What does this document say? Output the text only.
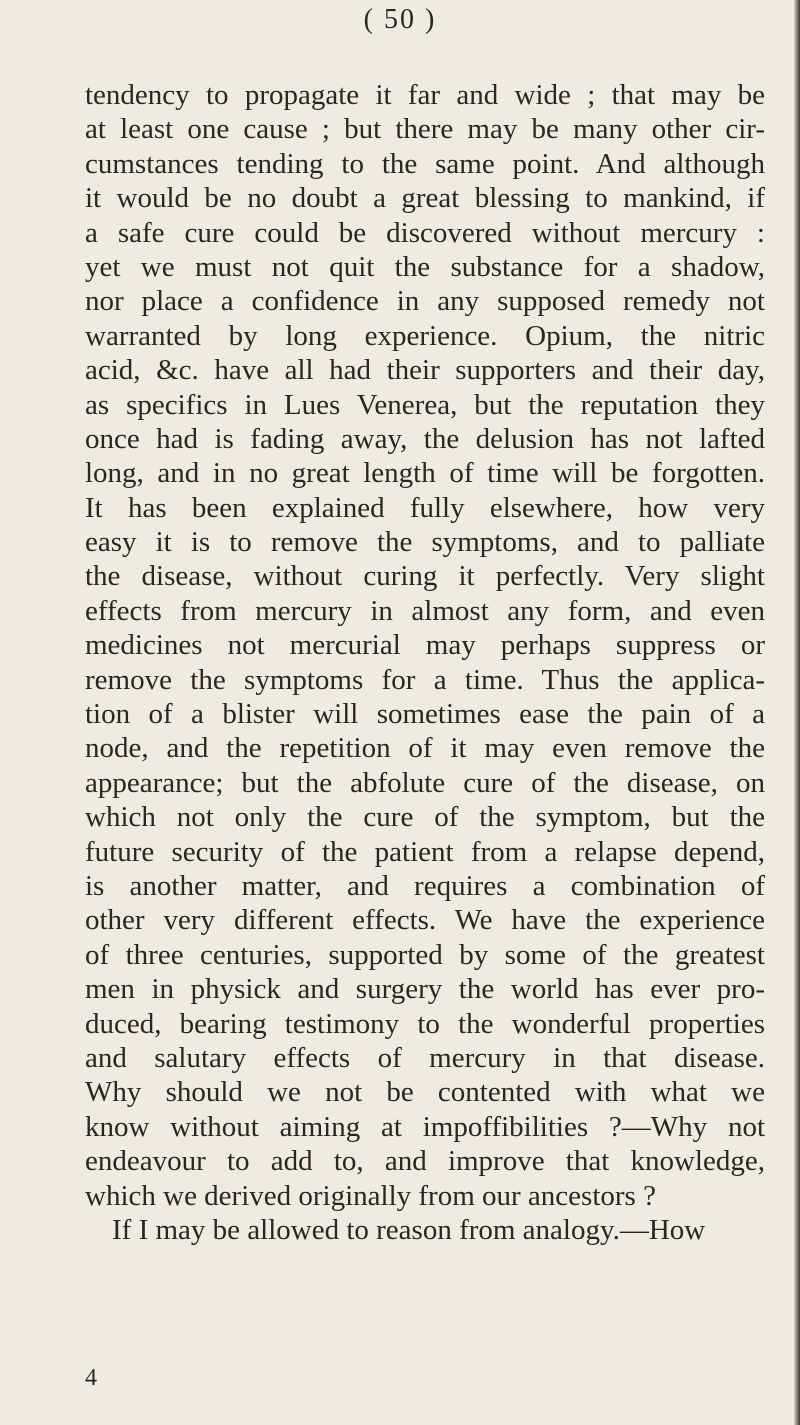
( 50 )
tendency to propagate it far and wide ; that may be
at least one cause ; but there may be many other cir-
cumstances tending to the same point. And although
it would be no doubt a great blessing to mankind, if
a safe cure could be discovered without mercury :
yet we must not quit the substance for a shadow,
nor place a confidence in any supposed remedy not
warranted by long experience. Opium, the nitric
acid, &c. have all had their supporters and their day,
as specifics in Lues Venerea, but the reputation they
once had is fading away, the delusion has not lafted
long, and in no great length of time will be forgotten.
It has been explained fully elsewhere, how very
easy it is to remove the symptoms, and to palliate
the disease, without curing it perfectly. Very slight
effects from mercury in almost any form, and even
medicines not mercurial may perhaps suppress or
remove the symptoms for a time. Thus the applica-
tion of a blister will sometimes ease the pain of a
node, and the repetition of it may even remove the
appearance; but the abfolute cure of the disease, on
which not only the cure of the symptom, but the
future security of the patient from a relapse depend,
is another matter, and requires a combination of
other very different effects. We have the experience
of three centuries, supported by some of the greatest
men in physick and surgery the world has ever pro-
duced, bearing testimony to the wonderful properties
and salutary effects of mercury in that disease.
Why should we not be contented with what we
know without aiming at impoffibilities ?—Why not
endeavour to add to, and improve that knowledge,
which we derived originally from our ancestors ?
If I may be allowed to reason from analogy.—How
4
